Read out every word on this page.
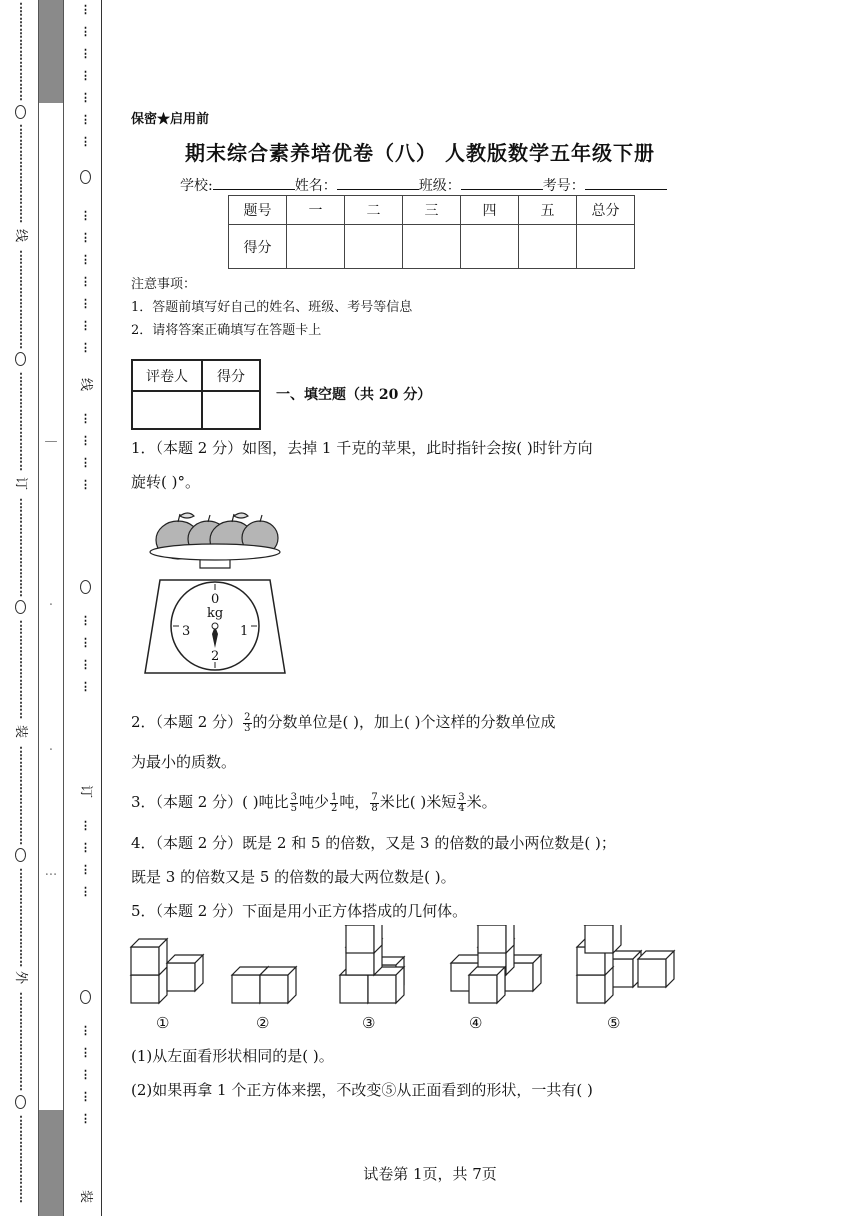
⋮
⋮
⋮
⋮
⋮
⋮
⋮
⋮
⋮
⋮
⋮
⋮
⋮
⋮
⋮
⋮
⋮
⋮
线
⋮
⋮
⋮
⋮
⋮
⋮
⋮
⋮
⋮
⋮
⋮
⋮
⋮
⋮
⋮
⋮
⋮
⋮
订
⋮
⋮
⋮
⋮
⋮
⋮
⋮
⋮
⋮
⋮
⋮
⋮
⋮
⋮
⋮
⋮
⋮
⋮
装
⋮
⋮
⋮
⋮
⋮
⋮
⋮
⋮
⋮
⋮
⋮
⋮
⋮
⋮
⋮
⋮
⋮
⋮
外
⋮
⋮
⋮
⋮
⋮
⋮
⋮
⋮
⋮
⋮
⋮
⋮
⋮
⋮
⋮
⋮
⋮
—
.
.
...
⋮

⋮

⋮

⋮

⋮

⋮

⋮
⋮

⋮

⋮

⋮

⋮

⋮

⋮
线
⋮

⋮

⋮

⋮
⋮

⋮

⋮

⋮
订
⋮

⋮

⋮

⋮
⋮

⋮

⋮

⋮

⋮
装
保密★启用前
期末综合素养培优卷（八） 人教版数学五年级下册
学校:	姓名：	班级：	考号：
题号	一	二	三	四	五	总分
得分						
注意事项：
1．答题前填写好自己的姓名、班级、考号等信息
2．请将答案正确填写在答题卡上
评卷人	得分

一、填空题（共 20 分）
1．（本题 2 分）如图，去掉 1 千克的苹果，此时指针会按( )时针方向
旋转( )°。
0
kg
1
2
3
2．（本题 2 分） $\frac{2}{3}$ 的分数单位是( )，加上( )个这样的分数单位成
为最小的质数。
3．（本题 2 分）( )吨比 $\frac{3}{5}$ 吨少 $\frac{1}{2}$ 吨， $\frac{7}{8}$ 米比( )米短 $\frac{3}{4}$ 米。
4．（本题 2 分）既是 2 和 5 的倍数，又是 3 的倍数的最小两位数是( )；
既是 3 的倍数又是 5 的倍数的最大两位数是( )。
5．（本题 2 分）下面是用小正方体搭成的几何体。
①	②	③	④	⑤
(1)从左面看形状相同的是( )。
(2)如果再拿 1 个正方体来摆，不改变⑤从正面看到的形状，一共有( )
试卷第 1页，共 7页
